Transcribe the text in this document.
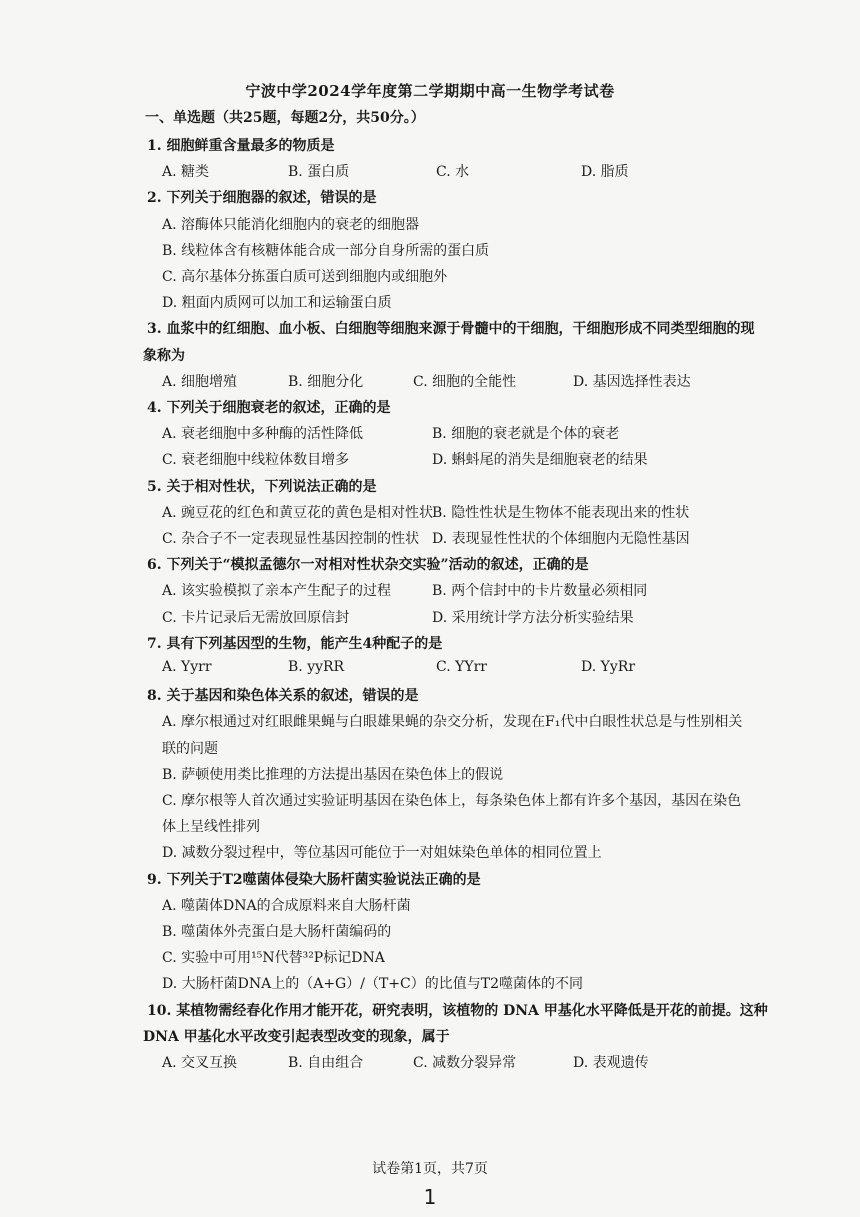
宁波中学2024学年度第二学期期中高一生物学考试卷
一、单选题（共25题，每题2分，共50分。）
1. 细胞鲜重含量最多的物质是
A. 糖类	B. 蛋白质	C. 水	D. 脂质
2. 下列关于细胞器的叙述，错误的是
A. 溶酶体只能消化细胞内的衰老的细胞器
B. 线粒体含有核糖体能合成一部分自身所需的蛋白质
C. 高尔基体分拣蛋白质可送到细胞内或细胞外
D. 粗面内质网可以加工和运输蛋白质
3. 血浆中的红细胞、血小板、白细胞等细胞来源于骨髓中的干细胞，干细胞形成不同类型细胞的现
象称为
A. 细胞增殖	B. 细胞分化	C. 细胞的全能性	D. 基因选择性表达
4. 下列关于细胞衰老的叙述，正确的是
A. 衰老细胞中多种酶的活性降低	B. 细胞的衰老就是个体的衰老
C. 衰老细胞中线粒体数目增多	D. 蝌蚪尾的消失是细胞衰老的结果
5. 关于相对性状，下列说法正确的是
A. 豌豆花的红色和黄豆花的黄色是相对性状
B. 隐性性状是生物体不能表现出来的性状
C. 杂合子不一定表现显性基因控制的性状 D. 表现显性性状的个体细胞内无隐性基因
6. 下列关于“模拟孟德尔一对相对性状杂交实验”活动的叙述，正确的是
A. 该实验模拟了亲本产生配子的过程	B. 两个信封中的卡片数量必须相同
C. 卡片记录后无需放回原信封	D. 采用统计学方法分析实验结果
7. 具有下列基因型的生物，能产生4种配子的是
A. Yyrr	B. yyRR	C. YYrr	D. YyRr
8. 关于基因和染色体关系的叙述，错误的是
A. 摩尔根通过对红眼雌果蝇与白眼雄果蝇的杂交分析，发现在F₁代中白眼性状总是与性别相关
联的问题
B. 萨顿使用类比推理的方法提出基因在染色体上的假说
C. 摩尔根等人首次通过实验证明基因在染色体上，每条染色体上都有许多个基因，基因在染色
体上呈线性排列
D. 减数分裂过程中，等位基因可能位于一对姐妹染色单体的相同位置上
9. 下列关于T2噬菌体侵染大肠杆菌实验说法正确的是
A. 噬菌体DNA的合成原料来自大肠杆菌
B. 噬菌体外壳蛋白是大肠杆菌编码的
C. 实验中可用¹⁵N代替³²P标记DNA
D. 大肠杆菌DNA上的（A+G）/（T+C）的比值与T2噬菌体的不同
10. 某植物需经春化作用才能开花，研究表明，该植物的 DNA 甲基化水平降低是开花的前提。这种
DNA 甲基化水平改变引起表型改变的现象，属于
A. 交叉互换	B. 自由组合	C. 减数分裂异常	D. 表观遗传
试卷第1页，共7页
1
